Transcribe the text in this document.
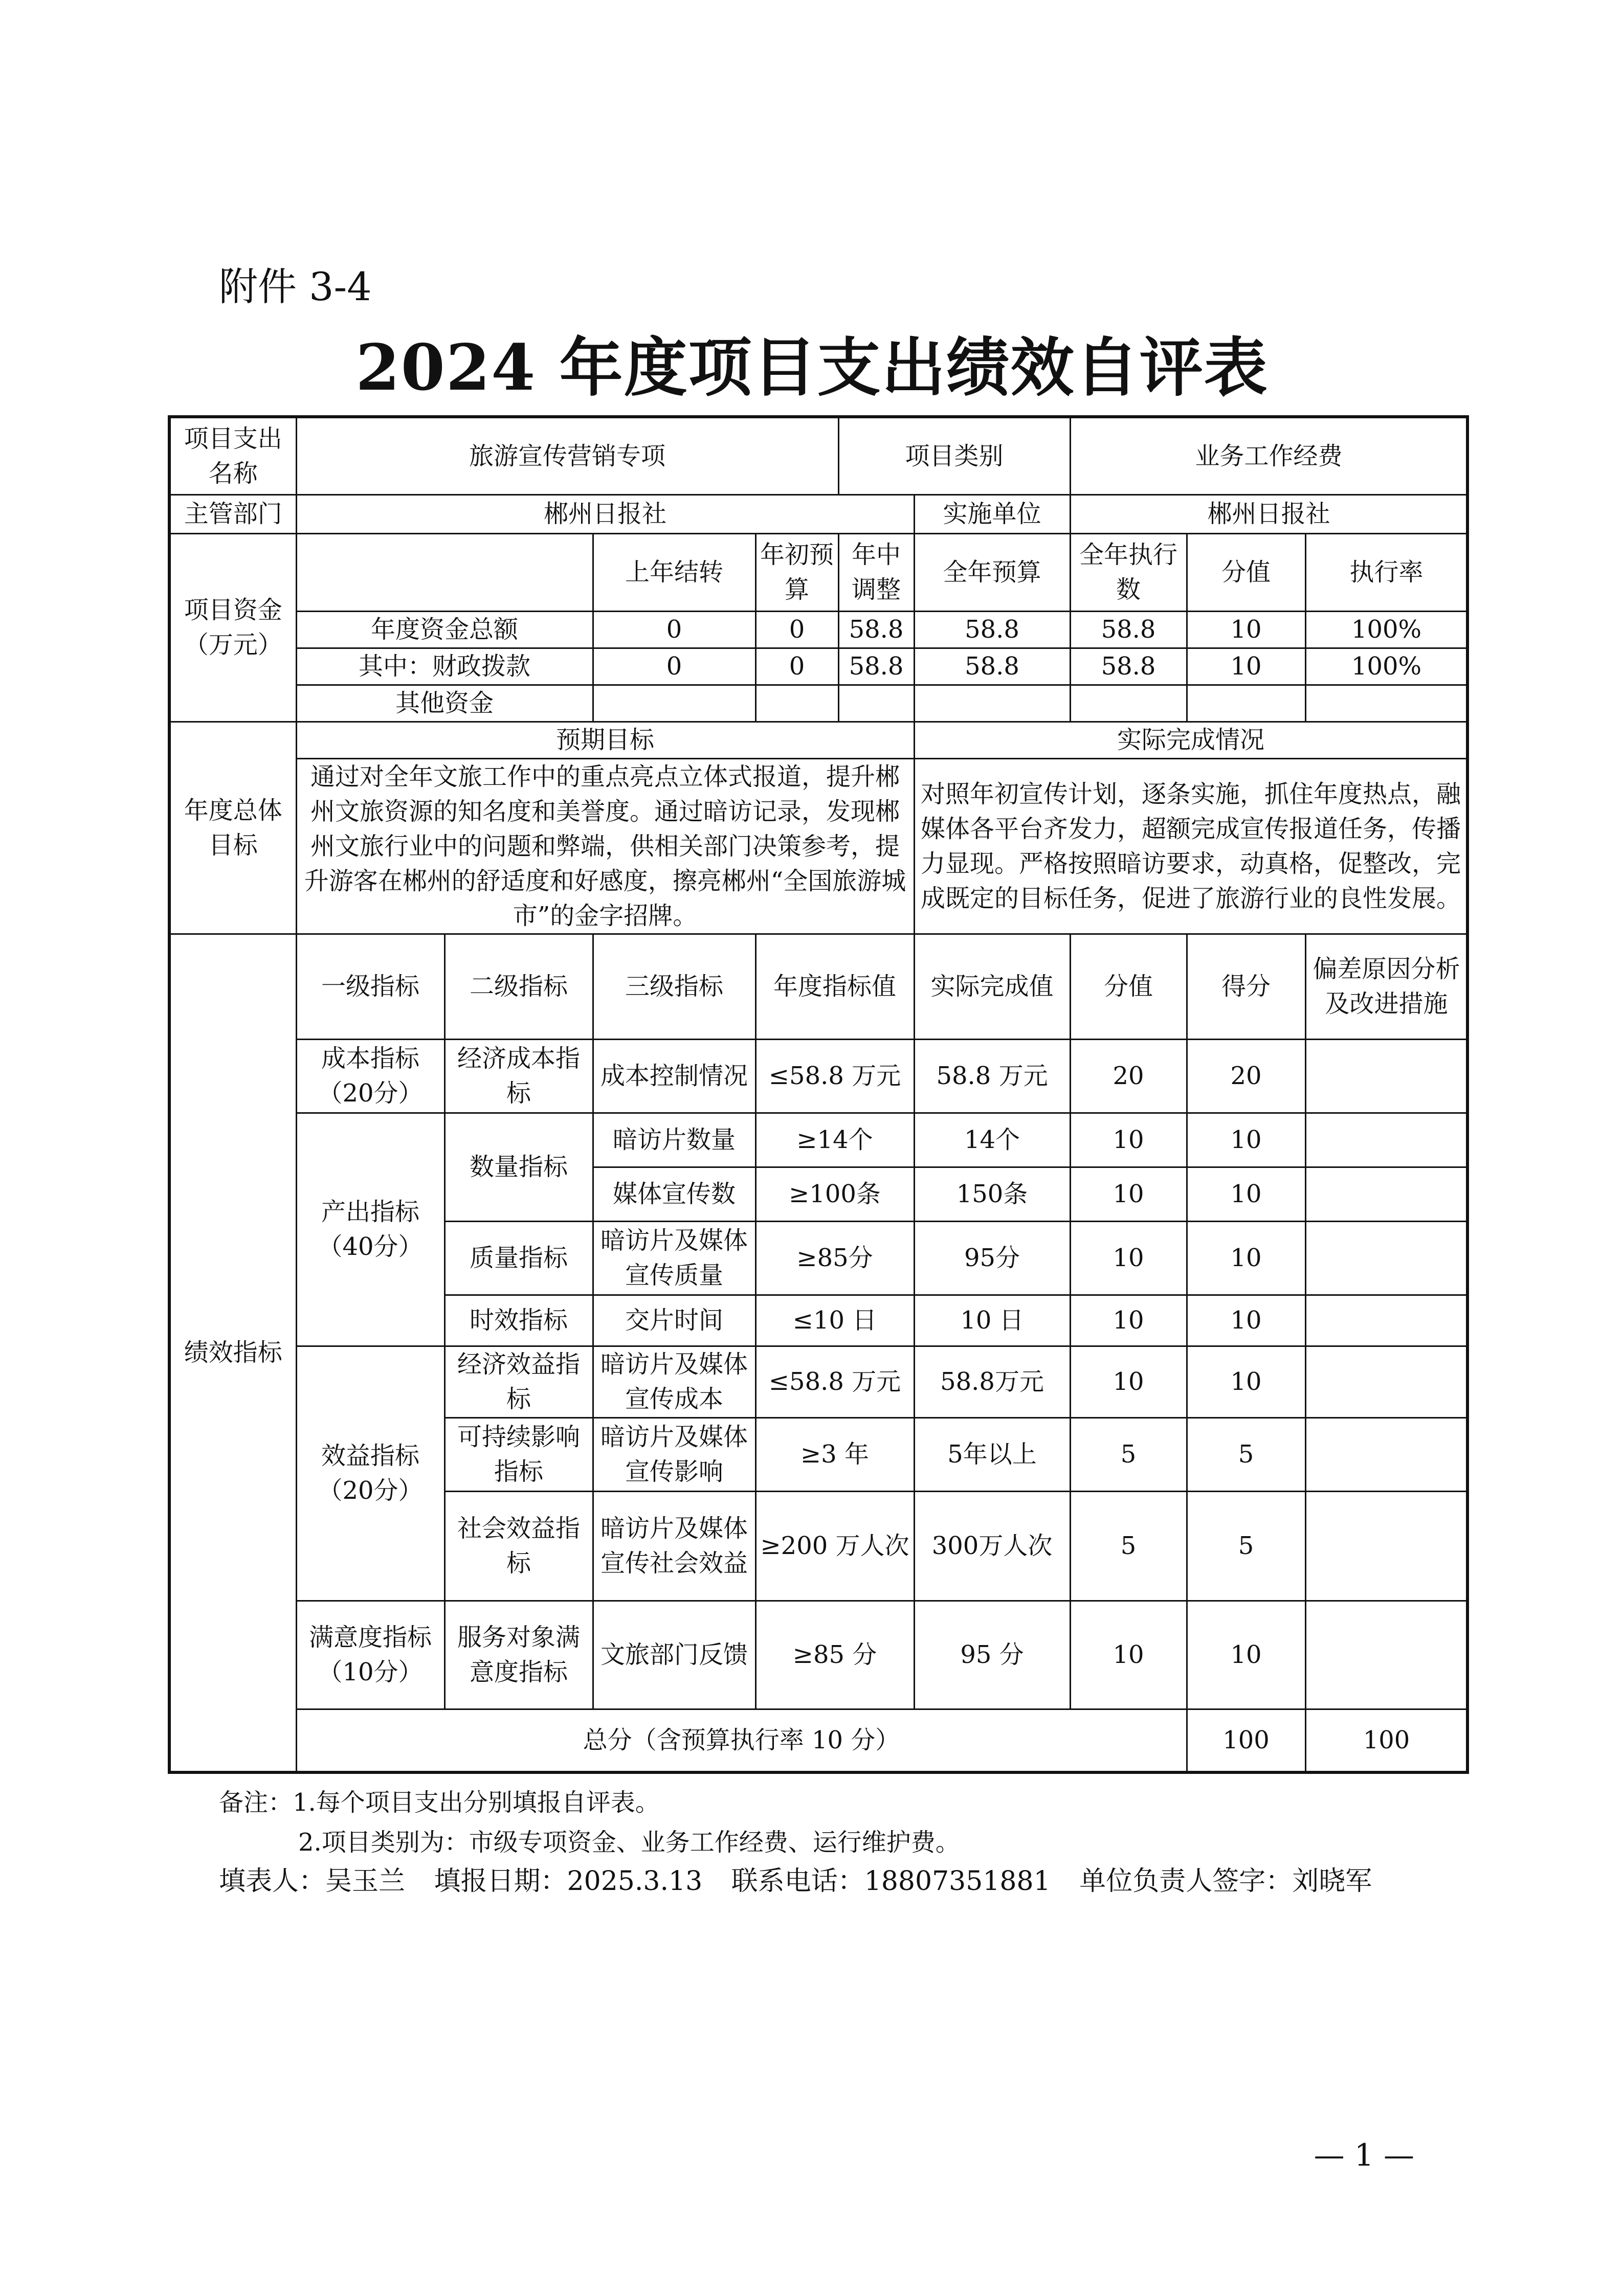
附件 3-4
2024 年度项目支出绩效自评表
项目支出名称	旅游宣传营销专项				项目类别		业务工作经费			
主管部门	郴州日报社					实施单位	郴州日报社			
项目资金（万元）			上年结转	年初预算	年中调整	全年预算	全年执行数	分值	执行率	
	年度资金总额		0	0	58.8	58.8	58.8	10	100%	
	其中：财政拨款		0	0	58.8	58.8	58.8	10	100%	
	其他资金									
年度总体目标	预期目标					实际完成情况				
	通过对全年文旅工作中的重点亮点立体式报道，提升郴州文旅资源的知名度和美誉度。通过暗访记录，发现郴州文旅行业中的问题和弊端，供相关部门决策参考，提升游客在郴州的舒适度和好感度，擦亮郴州“全国旅游城市”的金字招牌。					对照年初宣传计划，逐条实施，抓住年度热点，融媒体各平台齐发力，超额完成宣传报道任务，传播力显现。严格按照暗访要求，动真格，促整改，完成既定的目标任务，促进了旅游行业的良性发展。				
绩效指标	一级指标	二级指标	三级指标	年度指标值		实际完成值	分值	得分	偏差原因分析及改进措施	
	成本指标（20分）	经济成本指标	成本控制情况	≤58.8 万元		58.8 万元	20	20		
	产出指标（40分）	数量指标	暗访片数量	≥14个		14个	10	10		
			媒体宣传数	≥100条		150条	10	10		
		质量指标	暗访片及媒体宣传质量	≥85分		95分	10	10		
		时效指标	交片时间	≤10 日		10 日	10	10		
	效益指标（20分）	经济效益指标	暗访片及媒体宣传成本	≤58.8 万元		58.8万元	10	10		
		可持续影响指标	暗访片及媒体宣传影响	≥3 年		5年以上	5	5		
		社会效益指标	暗访片及媒体宣传社会效益	≥200 万人次		300万人次	5	5		
	满意度指标（10分）	服务对象满意度指标	文旅部门反馈	≥85 分		95 分	10	10		
	总分（含预算执行率 10 分）							100	100	
备注：1.每个项目支出分别填报自评表。
2.项目类别为：市级专项资金、业务工作经费、运行维护费。
填表人：吴玉兰 填报日期：2025.3.13 联系电话：18807351881 单位负责人签字：刘晓军
— 1 —
